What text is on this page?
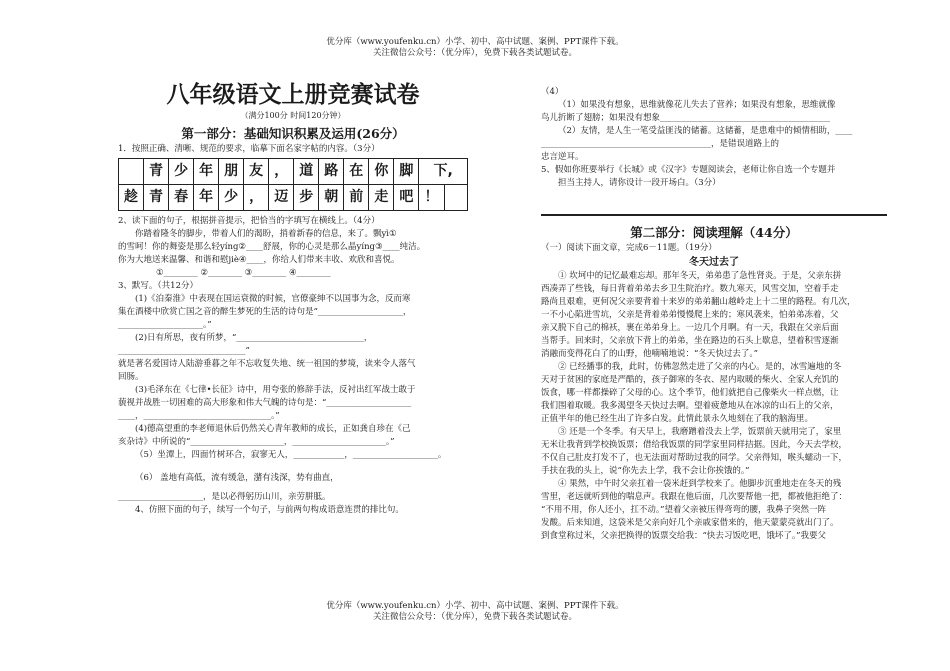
优分库（www.youfenku.cn）小学、初中、高中试题、案例、PPT课件下载。
关注微信公众号：（优分库），免费下载各类试题试卷。
八年级语文上册竞赛试卷
（满分100分 时间120分钟）
第一部分：基础知识积累及运用(26分）

1．按照正确、清晰、规范的要求，临摹下面名家字帖的内容。（3分）

	青	少	年	朋	友	，	道	路	在	你	脚	下,	
趁	青	春	年	少	，	迈	步	朝	前	走	吧	！	

2、读下面的句子，根据拼音提示，把恰当的字填写在横线上。（4分）

你踏着隆冬的脚步，带着人们的渴盼，捎着新春的信息，来了。飘yì①

的雪呵！你的舞姿是那么轻yíng②____舒展，你的心灵是那么晶yíng③____纯洁。

你为大地送来温馨、和谐和慰jiè④____，你给人们带来丰收、欢欣和喜悦。

①________ ②________ ③________ ④________

3、默写。（共12分）

(1)《泊秦淮》中表现在国运衰微的时候，官僚豪绅不以国事为念，反而寒

集在酒楼中欣赏亡国之音的醉生梦死的生活的诗句是“____________________，

____________________。”

(2)日有所思，夜有所梦，“______________________________，______________________________”

就是著名爱国诗人陆游垂暮之年不忘收复失地、统一祖国的梦境，读来令人落气

回肠。

(3)毛泽东在《七律•长征》诗中，用夸张的修辞手法，反衬出红军战士敢于

藐视并战胜一切困难的高大形象和伟大气魄的诗句是：“____________________

____，______________________________。”

(4)德高望重的李老师退休后仍然关心青年教师的成长，正如龚自珍在《己

亥杂诗》中所说的“______________________，______________________。”

（5）坐潭上，四面竹树环合，寂寥无人，____________，____________________。

（6） 盖地有高低，流有缓急，潴有浅深，势有曲直，

____________________，是以必得躬历山川，亲劳胼胝。

4、仿照下面的句子，续写一个句子，与前两句构成语意连贯的排比句。

（4）

（1）如果没有想象，思维就像花儿失去了营养；如果没有想象，思维就像

鸟儿折断了翅膀；如果没有想象________________________________________

（2）友情，是人生一笔受益匪浅的储蓄。这储蓄，是患难中的倾情相助，____

________________________________________，是错误道路上的

忠言逆耳。

5、假如你班要举行《长城》或《汉字》专题阅读会，老师让你自选一个专题并

担当主持人，请你设计一段开场白。（3分）

第二部分：阅读理解（44分）

（一）阅读下面文章，完成6－11题。（19分）

冬天过去了

① 坎坷中的记忆最难忘却。那年冬天，弟弟患了急性肾炎。于是，父亲东拼

西凑弄了些钱，每日背着弟弟去乡卫生院治疗。数九寒天，风雪交加，空着手走

路尚且艰难，更何况父亲要背着十来岁的弟弟翻山越岭走上十二里的路程。有几次，

一不小心陷进雪坑，父亲是背着弟弟慢慢爬上来的；寒风袭来，怕弟弟冻着，父

亲又脱下自己的棉袄，裹在弟弟身上。一边几个月啊。有一天，我跟在父亲后面

当帮手。回来时，父亲放下背上的弟弟，坐在路边的石头上歇息，望着积雪逐渐

消融而变得花白了的山野，他喃喃地说：“冬天快过去了。”

② 已经播事的我，此时，仿佛忽然走进了父亲的内心。是的，冰雪遍地的冬

天对于贫困的家庭是严酷的，孩子御寒的冬衣、屋内取暖的柴火、全家人充饥的

饭食，哪一样都操碎了父母的心。这个季节，他们就把自己像柴火一样点燃，让

我们围着取暖。我多渴望冬天快过去啊。望着疲惫地从在冰凉的山石上的父亲，

正值半年的他已经生出了许多白发。此情此景永久地刻在了我的脑海里。

③ 还是一个冬季。有天早上，我磨蹭着没去上学，饭票前天就用完了，家里

无米让我背到学校换饭票；借给我饭票的同学家里同样拮据。因此，今天去学校，

不仅自己肚皮打发不了，也无法面对帮助过我的同学。父亲得知，喉头蠕动一下，

手扶在我的头上，说“你先去上学，我不会让你挨饿的。”

④ 果然，中午时父亲扛着一袋米赶到学校来了。他脚步沉重地走在冬天的残

雪里，老远就听到他的喘息声。我跟在他后面，几次要帮他一把，都被他拒绝了：

“不用不用，你人还小，扛不动。”望着父亲被压得弯弯的腰，我鼻子突然一阵

发酸。后来知道，这袋米是父亲向好几个亲戚家借来的，他天蒙蒙亮就出门了。

到食堂称过米，父亲把换得的饭票交给我：“快去习饭吃吧，饿坏了。”我要父

优分库（www.youfenku.cn）小学、初中、高中试题、案例、PPT课件下载。
关注微信公众号：（优分库），免费下载各类试题试卷。
